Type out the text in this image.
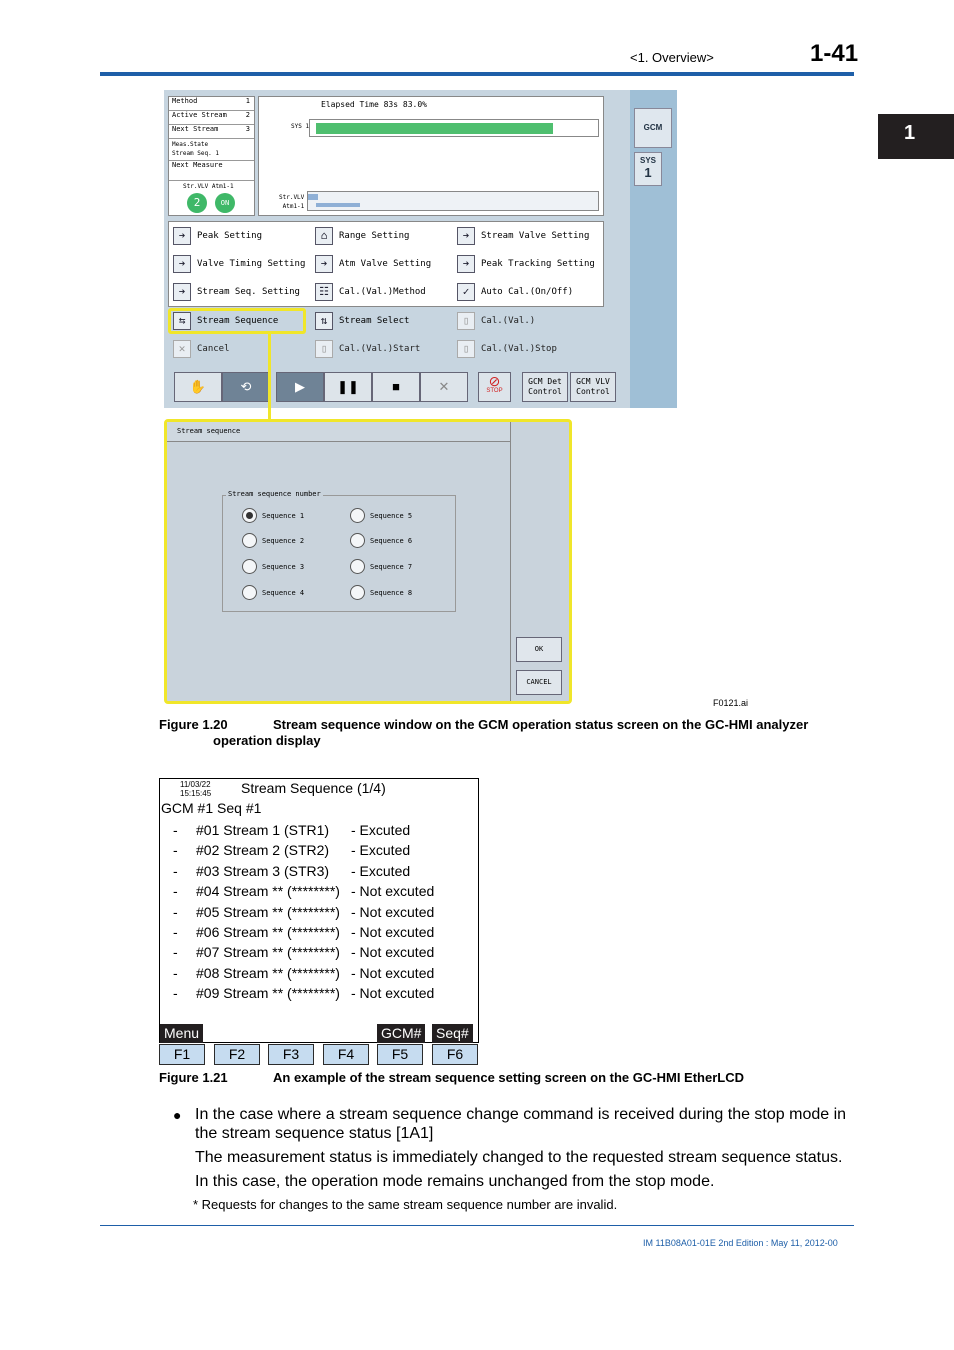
<1. Overview>	1-41
1
GCM
SYS
1
Method	1
Active Stream	2
Next Stream	3
Meas.State
Stream Seq. 1
Next Measure
Str.VLV Atm1-1
2	ON
Elapsed Time 83s 83.0%
SYS 1
Str.VLV
Atm1-1
➔	Peak Setting	⌂	Range Setting	➔	Stream Valve Setting
➔	Valve Timing Setting	➔	Atm Valve Setting	➔	Peak Tracking Setting
➔	Stream Seq. Setting	☷	Cal.(Val.)Method	✓	Auto Cal.(On/Off)
⇆	Stream Sequence	⇅	Stream Select	▯	Cal.(Val.)
✕	Cancel	▯	Cal.(Val.)Start	▯	Cal.(Val.)Stop
✋	⟲	▶	❚❚	■	✕	⊘
STOP
GCM Det Control
GCM VLV Control
Stream sequence
Stream sequence number
Sequence 1
Sequence 2
Sequence 3
Sequence 4
Sequence 5
Sequence 6
Sequence 7
Sequence 8
OK
CANCEL
F0121.ai
Figure 1.20	Stream sequence window on the GCM operation status screen on the GC-HMI analyzer
operation display
11/03/22
15:15:45 Stream Sequence (1/4)
GCM #1 Seq #1
- #01 Stream 1 (STR1) - Excuted
- #02 Stream 2 (STR2) - Excuted
- #03 Stream 3 (STR3) - Excuted
- #04 Stream ** (********) - Not excuted
- #05 Stream ** (********) - Not excuted
- #06 Stream ** (********) - Not excuted
- #07 Stream ** (********) - Not excuted
- #08 Stream ** (********) - Not excuted
- #09 Stream ** (********) - Not excuted
Menu	GCM# Seq#
F1	F2	F3	F4	F5	F6
Figure 1.21	An example of the stream sequence setting screen on the GC-HMI EtherLCD
● In the case where a stream sequence change command is received during the stop mode in
the stream sequence status [1A1]
The measurement status is immediately changed to the requested stream sequence status.
In this case, the operation mode remains unchanged from the stop mode.
* Requests for changes to the same stream sequence number are invalid.
IM 11B08A01-01E 2nd Edition : May 11, 2012-00
